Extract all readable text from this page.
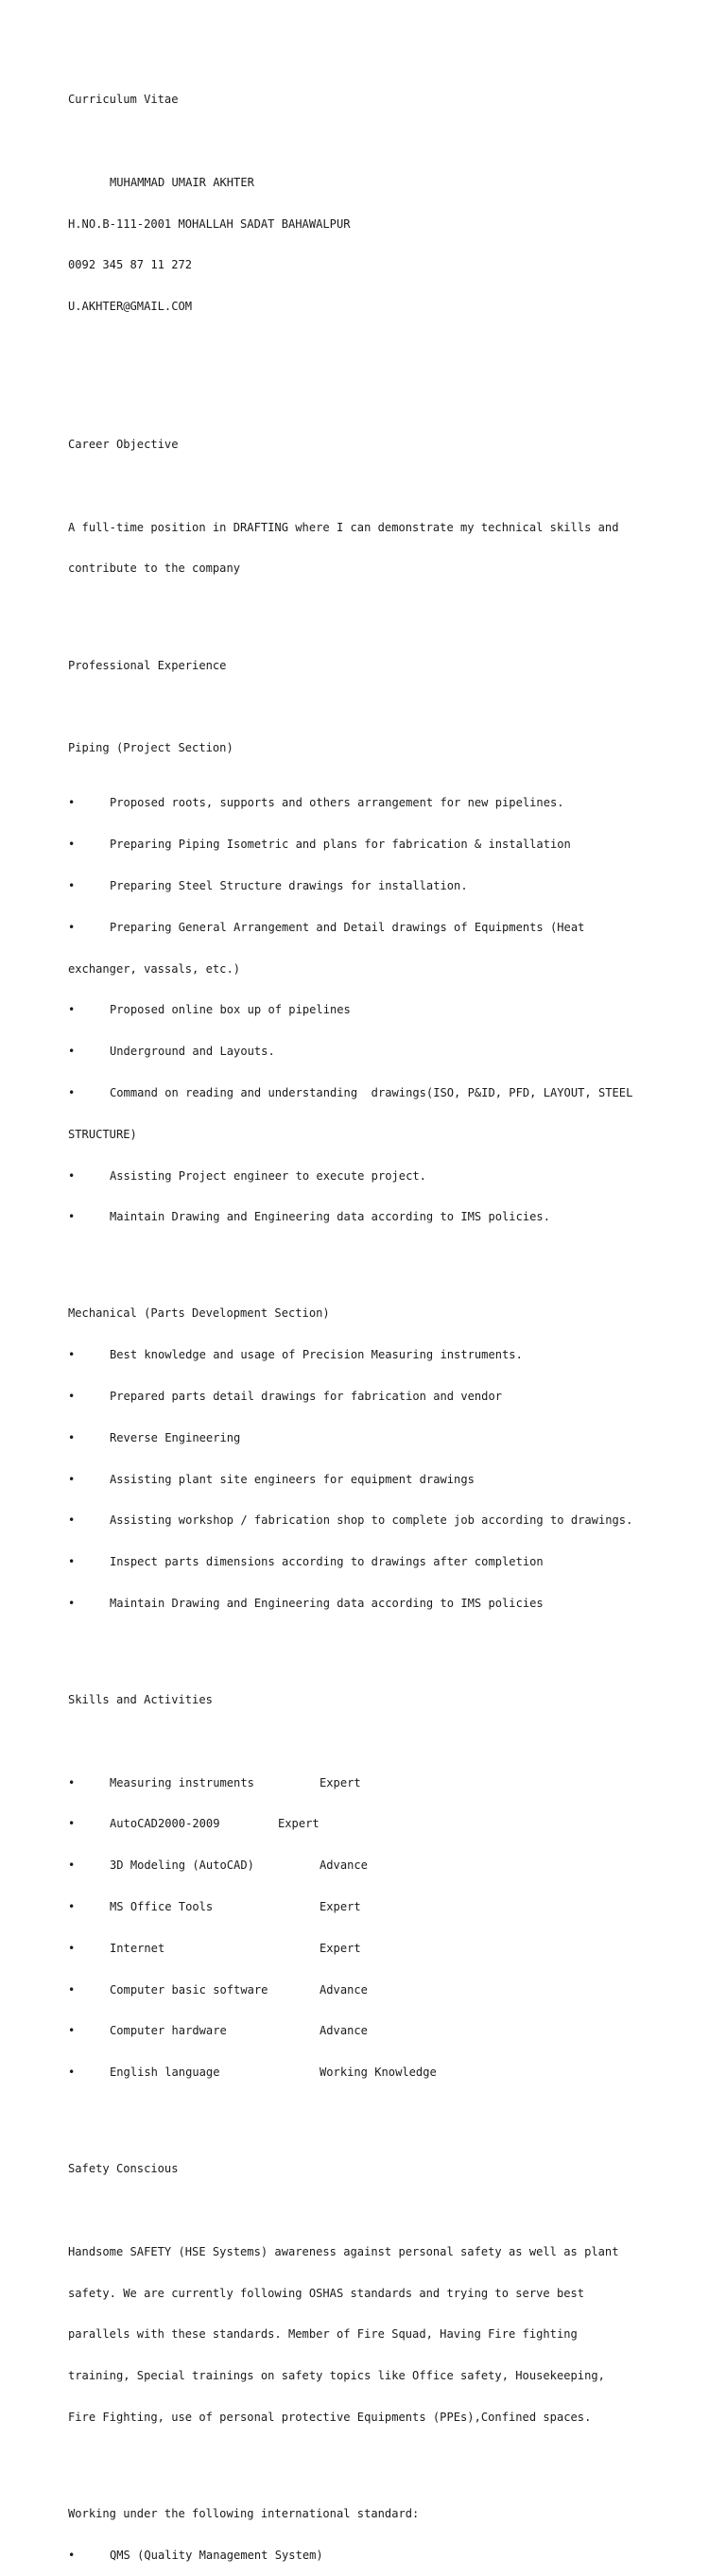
Curriculum Vitae

MUHAMMAD UMAIR AKHTER

H.NO.B-111-2001 MOHALLAH SADAT BAHAWALPUR

0092 345 87 11 272

U.AKHTER@GMAIL.COM

Career Objective

A full-time position in DRAFTING where I can demonstrate my technical skills and

contribute to the company

Professional Experience

Piping (Project Section)

•	Proposed roots, supports and others arrangement for new pipelines.

•	Preparing Piping Isometric and plans for fabrication & installation

•	Preparing Steel Structure drawings for installation.

•	Preparing General Arrangement and Detail drawings of Equipments (Heat

exchanger, vassals, etc.)

•	Proposed online box up of pipelines

•	Underground and Layouts.

•	Command on reading and understanding  drawings(ISO, P&ID, PFD, LAYOUT, STEEL

STRUCTURE)

•	Assisting Project engineer to execute project.

•	Maintain Drawing and Engineering data according to IMS policies.

Mechanical (Parts Development Section)

•	Best knowledge and usage of Precision Measuring instruments.

•	Prepared parts detail drawings for fabrication and vendor

•	Reverse Engineering

•	Assisting plant site engineers for equipment drawings

•	Assisting workshop / fabrication shop to complete job according to drawings.

•	Inspect parts dimensions according to drawings after completion

•	Maintain Drawing and Engineering data according to IMS policies

Skills and Activities

•	Measuring instruments	Expert

•	AutoCAD2000-2009	Expert

•	3D Modeling (AutoCAD)	Advance

•	MS Office Tools	Expert

•	Internet	Expert

•	Computer basic software	Advance

•	Computer hardware	Advance

•	English language	Working Knowledge

Safety Conscious

Handsome SAFETY (HSE Systems) awareness against personal safety as well as plant

safety. We are currently following OSHAS standards and trying to serve best

parallels with these standards. Member of Fire Squad, Having Fire fighting

training, Special trainings on safety topics like Office safety, Housekeeping,

Fire Fighting, use of personal protective Equipments (PPEs),Confined spaces.

Working under the following international standard:

•	QMS (Quality Management System)
